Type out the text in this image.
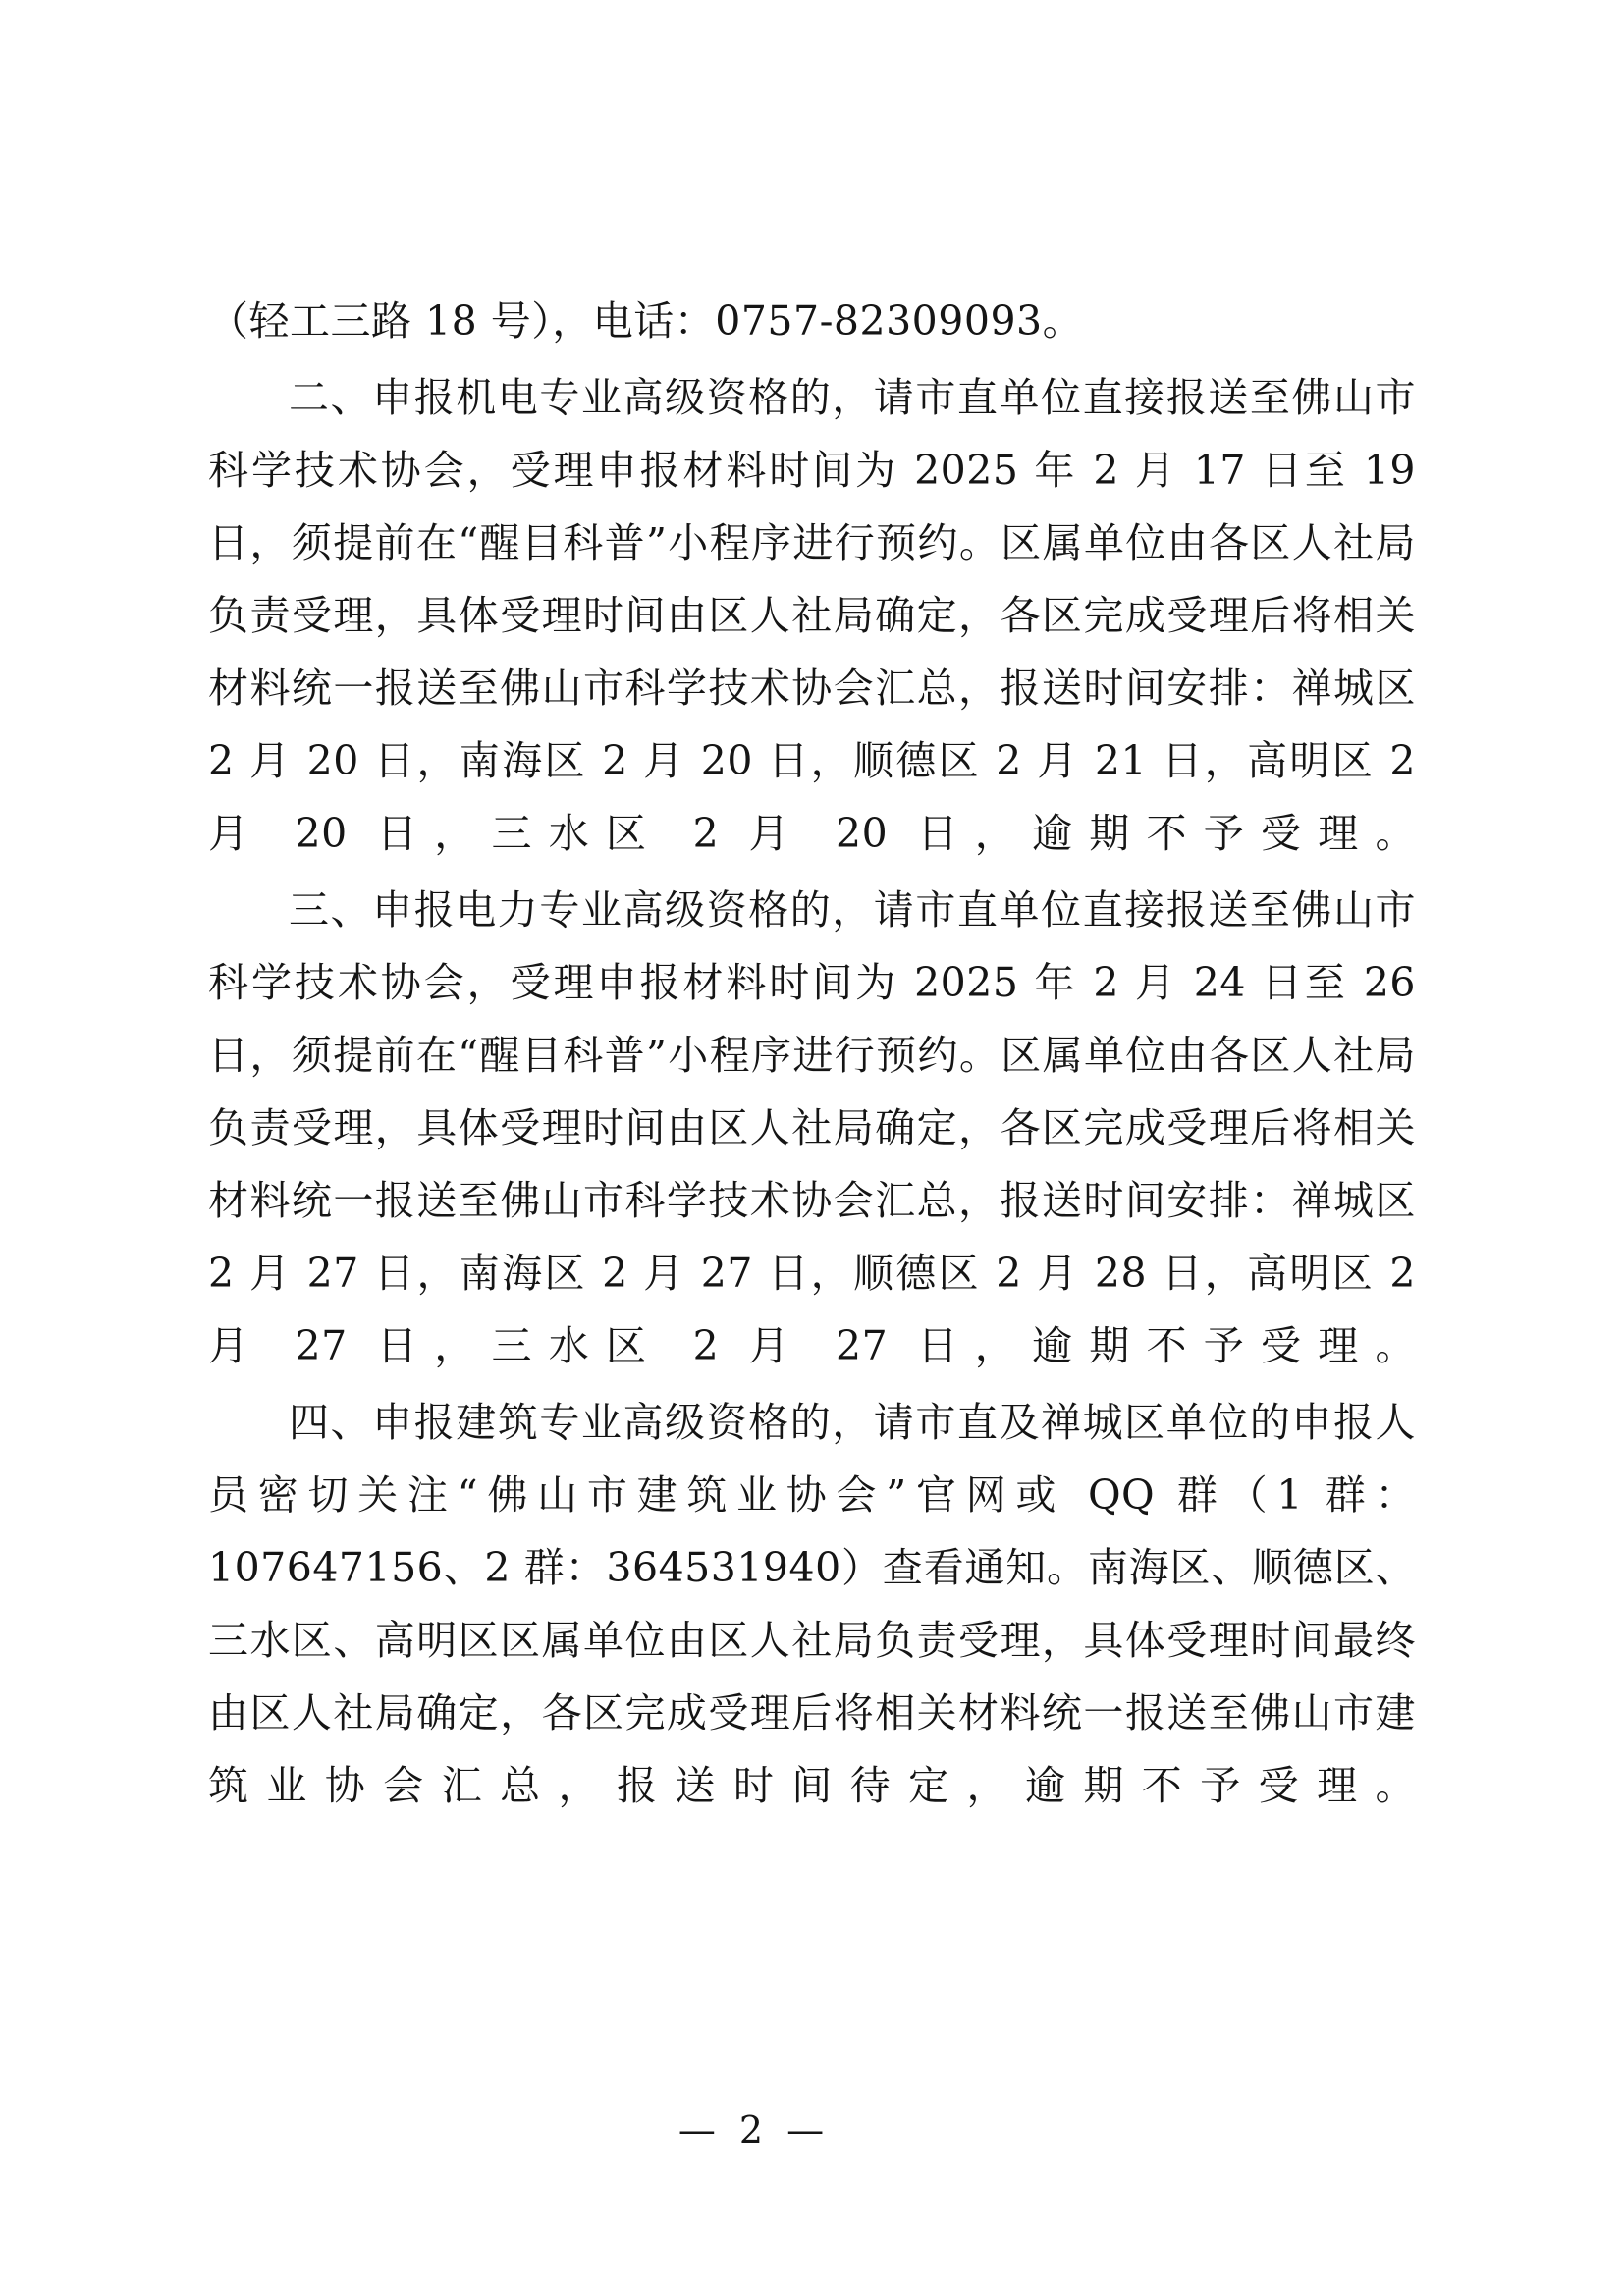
（轻工三路 18 号），电话：0757-82309093。

二、申报机电专业高级资格的，请市直单位直接报送至佛山市科学技术协会，受理申报材料时间为 2025 年 2 月 17 日至 19 日，须提前在“醒目科普”小程序进行预约。区属单位由各区人社局负责受理，具体受理时间由区人社局确定，各区完成受理后将相关材料统一报送至佛山市科学技术协会汇总，报送时间安排：禅城区 2 月 20 日，南海区 2 月 20 日，顺德区 2 月 21 日，高明区 2 月 20 日，三水区 2 月 20 日，逾期不予受理。

三、申报电力专业高级资格的，请市直单位直接报送至佛山市科学技术协会，受理申报材料时间为 2025 年 2 月 24 日至 26 日，须提前在“醒目科普”小程序进行预约。区属单位由各区人社局负责受理，具体受理时间由区人社局确定，各区完成受理后将相关材料统一报送至佛山市科学技术协会汇总，报送时间安排：禅城区 2 月 27 日，南海区 2 月 27 日，顺德区 2 月 28 日，高明区 2 月 27 日，三水区 2 月 27 日，逾期不予受理。

四、申报建筑专业高级资格的，请市直及禅城区单位的申报人员密切关注“佛山市建筑业协会”官网或 QQ 群（1 群：107647156、2 群：364531940）查看通知。南海区、顺德区、三水区、高明区区属单位由区人社局负责受理，具体受理时间最终由区人社局确定，各区完成受理后将相关材料统一报送至佛山市建筑业协会汇总，报送时间待定，逾期不予受理。

— 2 —
